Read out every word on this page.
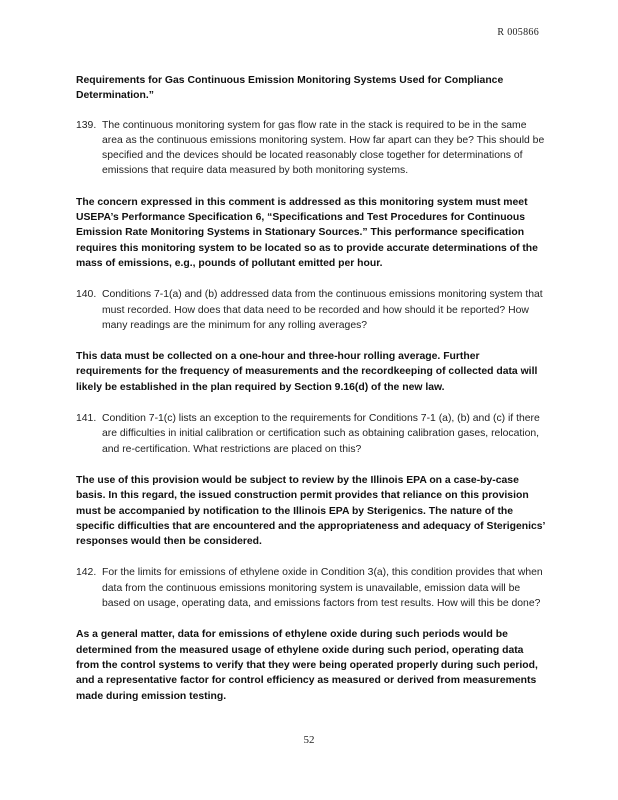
R 005866

Requirements for Gas Continuous Emission Monitoring Systems Used for Compliance Determination.”

139. The continuous monitoring system for gas flow rate in the stack is required to be in the same area as the continuous emissions monitoring system. How far apart can they be? This should be specified and the devices should be located reasonably close together for determinations of emissions that require data measured by both monitoring systems.

The concern expressed in this comment is addressed as this monitoring system must meet USEPA’s Performance Specification 6, “Specifications and Test Procedures for Continuous Emission Rate Monitoring Systems in Stationary Sources.” This performance specification requires this monitoring system to be located so as to provide accurate determinations of the mass of emissions, e.g., pounds of pollutant emitted per hour.

140. Conditions 7-1(a) and (b) addressed data from the continuous emissions monitoring system that must recorded. How does that data need to be recorded and how should it be reported? How many readings are the minimum for any rolling averages?

This data must be collected on a one-hour and three-hour rolling average. Further requirements for the frequency of measurements and the recordkeeping of collected data will likely be established in the plan required by Section 9.16(d) of the new law.

141. Condition 7-1(c) lists an exception to the requirements for Conditions 7-1 (a), (b) and (c) if there are difficulties in initial calibration or certification such as obtaining calibration gases, relocation, and re-certification. What restrictions are placed on this?

The use of this provision would be subject to review by the Illinois EPA on a case-by-case basis. In this regard, the issued construction permit provides that reliance on this provision must be accompanied by notification to the Illinois EPA by Sterigenics. The nature of the specific difficulties that are encountered and the appropriateness and adequacy of Sterigenics’ responses would then be considered.

142. For the limits for emissions of ethylene oxide in Condition 3(a), this condition provides that when data from the continuous emissions monitoring system is unavailable, emission data will be based on usage, operating data, and emissions factors from test results. How will this be done?

As a general matter, data for emissions of ethylene oxide during such periods would be determined from the measured usage of ethylene oxide during such period, operating data from the control systems to verify that they were being operated properly during such period, and a representative factor for control efficiency as measured or derived from measurements made during emission testing.

52
